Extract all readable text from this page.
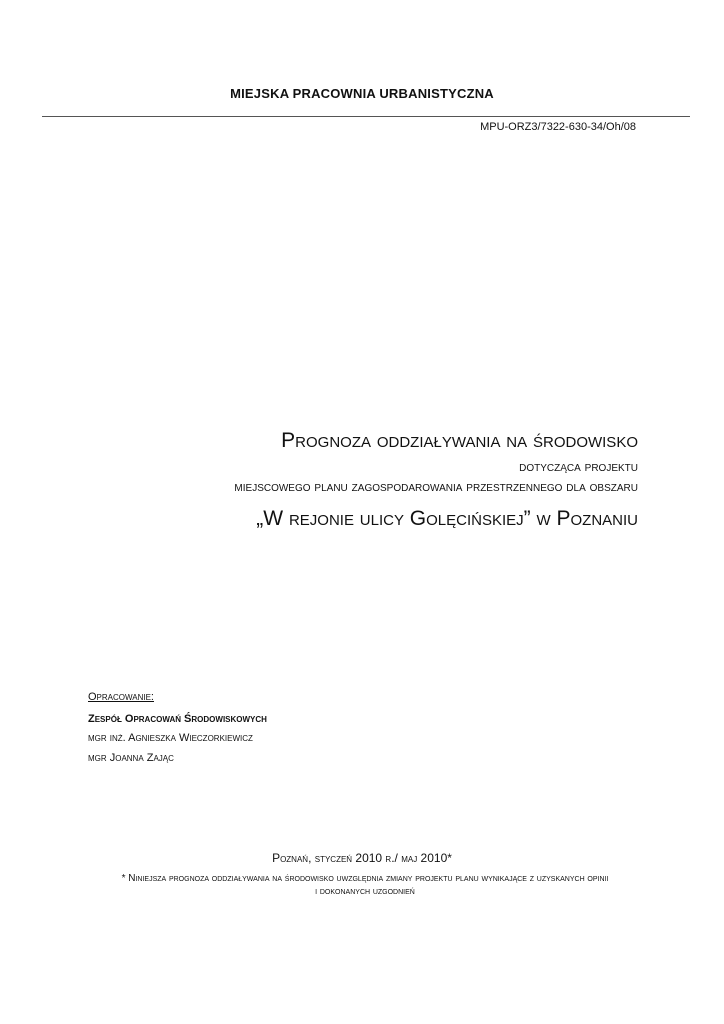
MIEJSKA PRACOWNIA URBANISTYCZNA
MPU-ORZ3/7322-630-34/Oh/08
Prognoza oddziaływania na środowisko
dotycząca projektu
miejscowego planu zagospodarowania przestrzennego dla obszaru
„W rejonie ulicy Golęcińskiej” w Poznaniu
Opracowanie:
Zespół Opracowań Środowiskowych
mgr inż. Agnieszka Wieczorkiewicz
mgr Joanna Zając
Poznań, styczeń 2010 r./ maj 2010*
* Niniejsza prognoza oddziaływania na środowisko uwzględnia zmiany projektu planu wynikające z uzyskanych opinii
i dokonanych uzgodnień
